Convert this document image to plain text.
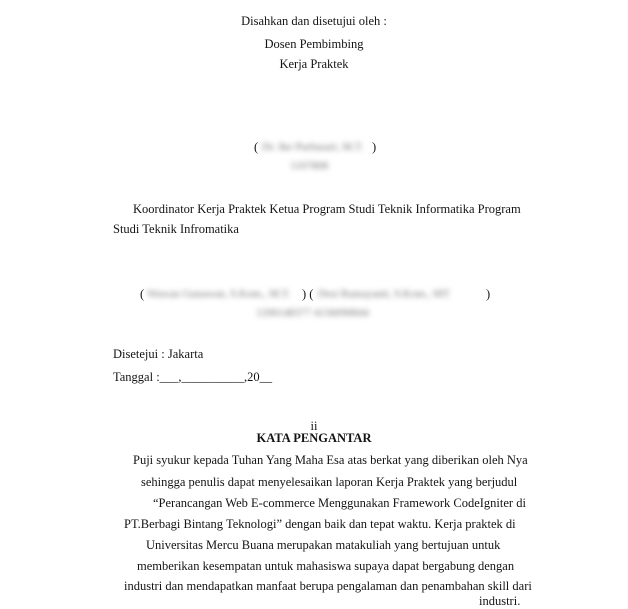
Disahkan dan disetujui oleh :
Dosen Pembimbing
Kerja Praktek
( Dr. Ike Purbasari, M.T. )
1107808
Koordinator Kerja Praktek Ketua Program Studi Teknik Informatika Program
Studi Teknik Infromatika
( Wawan Gunawan, S.Kom., M.T. ) ( Desi Ramayanti, S.Kom., MT	)
1206148377 4156090844
Disetejui : Jakarta
Tanggal :___,__________,20__
ii
KATA PENGANTAR
Puji syukur kepada Tuhan Yang Maha Esa atas berkat yang diberikan oleh Nya
sehingga penulis dapat menyelesaikan laporan Kerja Praktek yang berjudul
“Perancangan Web E-commerce Menggunakan Framework CodeIgniter di
PT.Berbagi Bintang Teknologi” dengan baik dan tepat waktu. Kerja praktek di
Universitas Mercu Buana merupakan matakuliah yang bertujuan untuk
memberikan kesempatan untuk mahasiswa supaya dapat bergabung dengan
industri dan mendapatkan manfaat berupa pengalaman dan penambahan skill dari
industri.
